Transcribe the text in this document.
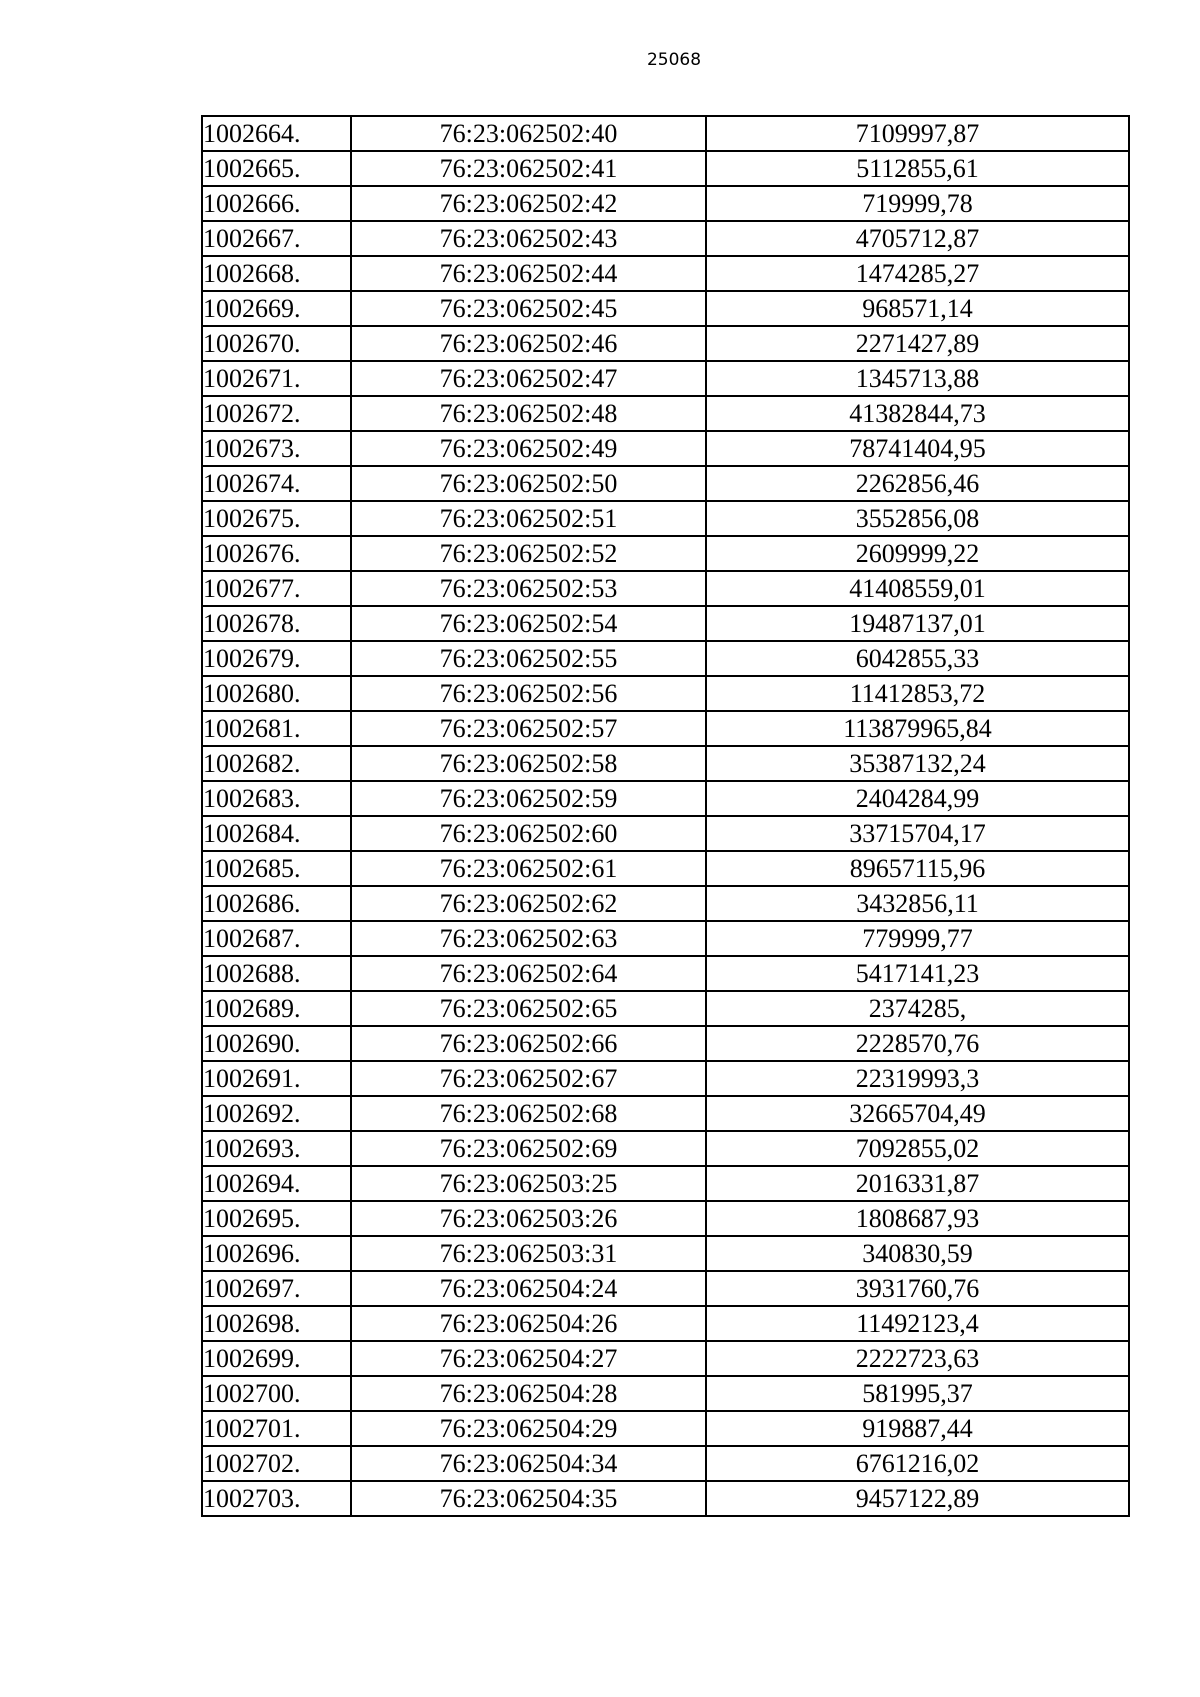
25068
1002664.	76:23:062502:40	7109997,87
1002665.	76:23:062502:41	5112855,61
1002666.	76:23:062502:42	719999,78
1002667.	76:23:062502:43	4705712,87
1002668.	76:23:062502:44	1474285,27
1002669.	76:23:062502:45	968571,14
1002670.	76:23:062502:46	2271427,89
1002671.	76:23:062502:47	1345713,88
1002672.	76:23:062502:48	41382844,73
1002673.	76:23:062502:49	78741404,95
1002674.	76:23:062502:50	2262856,46
1002675.	76:23:062502:51	3552856,08
1002676.	76:23:062502:52	2609999,22
1002677.	76:23:062502:53	41408559,01
1002678.	76:23:062502:54	19487137,01
1002679.	76:23:062502:55	6042855,33
1002680.	76:23:062502:56	11412853,72
1002681.	76:23:062502:57	113879965,84
1002682.	76:23:062502:58	35387132,24
1002683.	76:23:062502:59	2404284,99
1002684.	76:23:062502:60	33715704,17
1002685.	76:23:062502:61	89657115,96
1002686.	76:23:062502:62	3432856,11
1002687.	76:23:062502:63	779999,77
1002688.	76:23:062502:64	5417141,23
1002689.	76:23:062502:65	2374285,
1002690.	76:23:062502:66	2228570,76
1002691.	76:23:062502:67	22319993,3
1002692.	76:23:062502:68	32665704,49
1002693.	76:23:062502:69	7092855,02
1002694.	76:23:062503:25	2016331,87
1002695.	76:23:062503:26	1808687,93
1002696.	76:23:062503:31	340830,59
1002697.	76:23:062504:24	3931760,76
1002698.	76:23:062504:26	11492123,4
1002699.	76:23:062504:27	2222723,63
1002700.	76:23:062504:28	581995,37
1002701.	76:23:062504:29	919887,44
1002702.	76:23:062504:34	6761216,02
1002703.	76:23:062504:35	9457122,89
